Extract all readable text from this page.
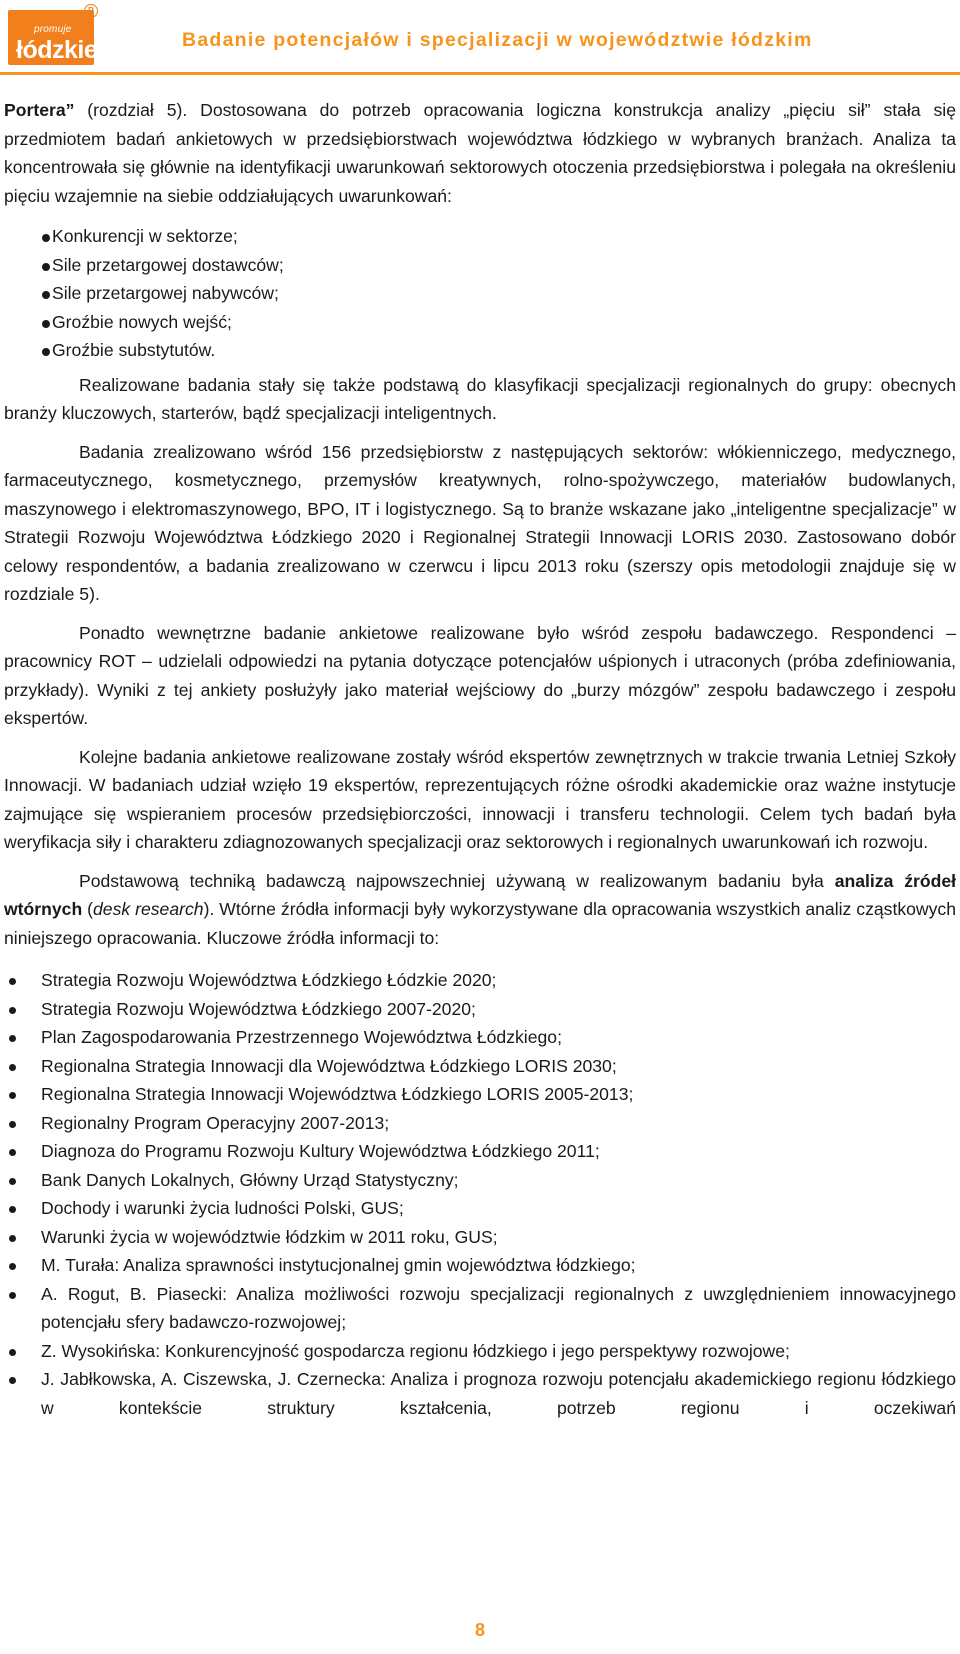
promuje
łódzkie
R
Badanie potencjałów i specjalizacji w województwie łódzkim

Portera” (rozdział 5). Dostosowana do potrzeb opracowania logiczna konstrukcja analizy „pięciu sił” stała się przedmiotem badań ankietowych w przedsiębiorstwach województwa łódzkiego w wybranych branżach. Analiza ta koncentrowała się głównie na identyfikacji uwarunkowań sektorowych otoczenia przedsiębiorstwa i polegała na określeniu pięciu wzajemnie na siebie oddziałujących uwarunkowań:

Konkurencji w sektorze;
Sile przetargowej dostawców;
Sile przetargowej nabywców;
Groźbie nowych wejść;
Groźbie substytutów.

Realizowane badania stały się także podstawą do klasyfikacji specjalizacji regionalnych do grupy: obecnych branży kluczowych, starterów, bądź specjalizacji inteligentnych.

Badania zrealizowano wśród 156 przedsiębiorstw z następujących sektorów: włókienniczego, medycznego, farmaceutycznego, kosmetycznego, przemysłów kreatywnych, rolno-spożywczego, materiałów budowlanych, maszynowego i elektromaszynowego, BPO, IT i logistycznego. Są to branże wskazane jako „inteligentne specjalizacje” w Strategii Rozwoju Województwa Łódzkiego 2020 i Regionalnej Strategii Innowacji LORIS 2030. Zastosowano dobór celowy respondentów, a badania zrealizowano w czerwcu i lipcu 2013 roku (szerszy opis metodologii znajduje się w rozdziale 5).

Ponadto wewnętrzne badanie ankietowe realizowane było wśród zespołu badawczego. Respondenci – pracownicy ROT – udzielali odpowiedzi na pytania dotyczące potencjałów uśpionych i utraconych (próba zdefiniowania, przykłady). Wyniki z tej ankiety posłużyły jako materiał wejściowy do „burzy mózgów” zespołu badawczego i zespołu ekspertów.

Kolejne badania ankietowe realizowane zostały wśród ekspertów zewnętrznych w trakcie trwania Letniej Szkoły Innowacji. W badaniach udział wzięło 19 ekspertów, reprezentujących różne ośrodki akademickie oraz ważne instytucje zajmujące się wspieraniem procesów przedsiębiorczości, innowacji i transferu technologii. Celem tych badań była weryfikacja siły i charakteru zdiagnozowanych specjalizacji oraz sektorowych i regionalnych uwarunkowań ich rozwoju.

Podstawową techniką badawczą najpowszechniej używaną w realizowanym badaniu była analiza źródeł wtórnych (desk research). Wtórne źródła informacji były wykorzystywane dla opracowania wszystkich analiz cząstkowych niniejszego opracowania. Kluczowe źródła informacji to:

Strategia Rozwoju Województwa Łódzkiego Łódzkie 2020;
Strategia Rozwoju Województwa Łódzkiego 2007-2020;
Plan Zagospodarowania Przestrzennego Województwa Łódzkiego;
Regionalna Strategia Innowacji dla Województwa Łódzkiego LORIS 2030;
Regionalna Strategia Innowacji Województwa Łódzkiego LORIS 2005-2013;
Regionalny Program Operacyjny 2007-2013;
Diagnoza do Programu Rozwoju Kultury Województwa Łódzkiego 2011;
Bank Danych Lokalnych, Główny Urząd Statystyczny;
Dochody i warunki życia ludności Polski, GUS;
Warunki życia w województwie łódzkim w 2011 roku, GUS;
M. Turała: Analiza sprawności instytucjonalnej gmin województwa łódzkiego;
A. Rogut, B. Piasecki: Analiza możliwości rozwoju specjalizacji regionalnych z uwzględnieniem innowacyjnego potencjału sfery badawczo-rozwojowej;
Z. Wysokińska: Konkurencyjność gospodarcza regionu łódzkiego i jego perspektywy rozwojowe;
J. Jabłkowska, A. Ciszewska, J. Czernecka: Analiza i prognoza rozwoju potencjału akademickiego regionu łódzkiego w kontekście struktury kształcenia, potrzeb regionu i oczekiwań
8
